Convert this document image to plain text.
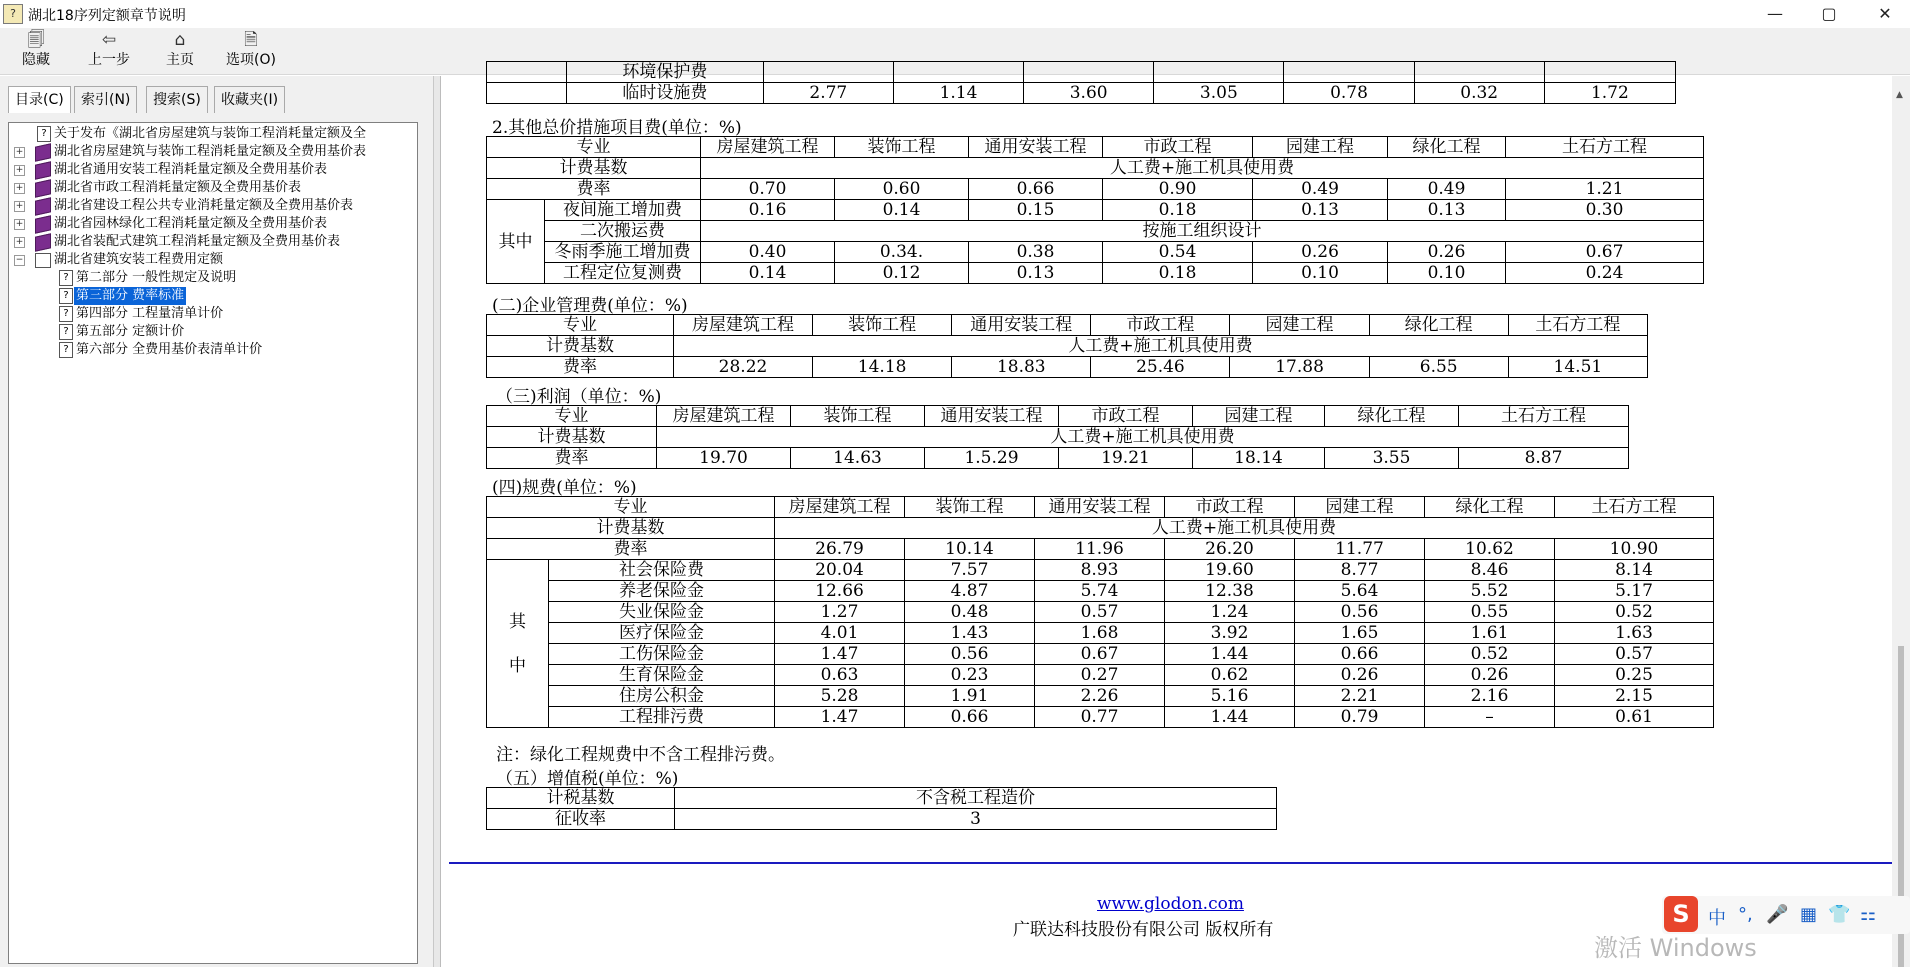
? 湖北18序列定额章节说明	—	▢	✕
🗐
隐藏
⇦
上一步
⌂
主页
🗎
选项(O)
目录(C)	索引(N)	搜索(S)	收藏夹(I)
? 关于发布《湖北省房屋建筑与装饰工程消耗量定额及全
+ 湖北省房屋建筑与装饰工程消耗量定额及全费用基价表
+ 湖北省通用安装工程消耗量定额及全费用基价表
+ 湖北省市政工程消耗量定额及全费用基价表
+ 湖北省建设工程公共专业消耗量定额及全费用基价表
+ 湖北省园林绿化工程消耗量定额及全费用基价表
+ 湖北省装配式建筑工程消耗量定额及全费用基价表
− 湖北省建筑安装工程费用定额
? 第二部分 一般性规定及说明
? 第三部分 费率标准
? 第四部分 工程量清单计价
? 第五部分 定额计价
? 第六部分 全费用基价表清单计价
	环境保护费							
	临时设施费	2.77	1.14	3.60	3.05	0.78	0.32	1.72
2.其他总价措施项目费(单位：%)
专业		房屋建筑工程	装饰工程	通用安装工程	市政工程	园建工程	绿化工程	土石方工程
计费基数		人工费+施工机具使用费						
费率		0.70	0.60	0.66	0.90	0.49	0.49	1.21
其中	夜间施工增加费	0.16	0.14	0.15	0.18	0.13	0.13	0.30
	二次搬运费	按施工组织设计						
	冬雨季施工增加费	0.40	0.34.	0.38	0.54	0.26	0.26	0.67
	工程定位复测费	0.14	0.12	0.13	0.18	0.10	0.10	0.24
(二)企业管理费(单位：%)
专业	房屋建筑工程	装饰工程	通用安装工程	市政工程	园建工程	绿化工程	土石方工程
计费基数	人工费+施工机具使用费						
费率	28.22	14.18	18.83	25.46	17.88	6.55	14.51
（三)利润（单位：%)
专业	房屋建筑工程	装饰工程	通用安装工程	市政工程	园建工程	绿化工程	土石方工程
计费基数	人工费+施工机具使用费						
费率	19.70	14.63	1.5.29	19.21	18.14	3.55	8.87
(四)规费(单位：%)
专业		房屋建筑工程	装饰工程	通用安装工程	市政工程	园建工程	绿化工程	土石方工程
计费基数		人工费+施工机具使用费						
费率		26.79	10.14	11.96	26.20	11.77	10.62	10.90
其
中	社会保险费	20.04	7.57	8.93	19.60	8.77	8.46	8.14
	养老保险金	12.66	4.87	5.74	12.38	5.64	5.52	5.17
	失业保险金	1.27	0.48	0.57	1.24	0.56	0.55	0.52
	医疗保险金	4.01	1.43	1.68	3.92	1.65	1.61	1.63
	工伤保险金	1.47	0.56	0.67	1.44	0.66	0.52	0.57
	生育保险金	0.63	0.23	0.27	0.62	0.26	0.26	0.25
	住房公积金	5.28	1.91	2.26	5.16	2.21	2.16	2.15
	工程排污费	1.47	0.66	0.77	1.44	0.79	–	0.61
注：绿化工程规费中不含工程排污费。
（五）增值税(单位：%)
计税基数	不含税工程造价
征收率	3
www.glodon.com
广联达科技股份有限公司 版权所有
▲
激活 Windows
S	中 °, 🎤 ▦ 👕 ⚏
